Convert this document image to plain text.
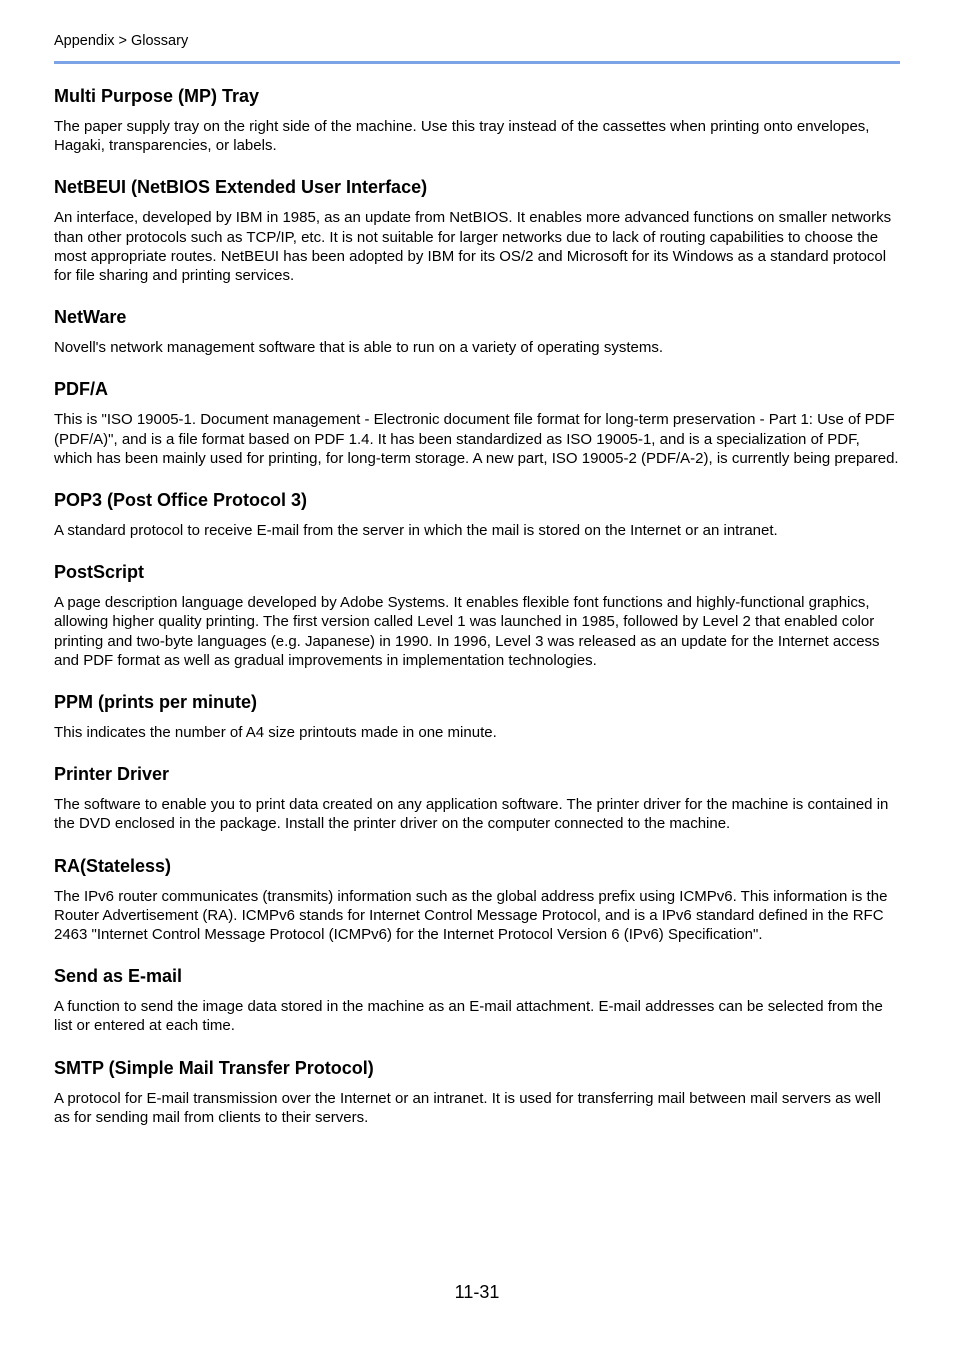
Appendix > Glossary
Multi Purpose (MP) Tray

The paper supply tray on the right side of the machine. Use this tray instead of the cassettes when printing onto envelopes, Hagaki, transparencies, or labels.

NetBEUI (NetBIOS Extended User Interface)

An interface, developed by IBM in 1985, as an update from NetBIOS. It enables more advanced functions on smaller networks than other protocols such as TCP/IP, etc. It is not suitable for larger networks due to lack of routing capabilities to choose the most appropriate routes. NetBEUI has been adopted by IBM for its OS/2 and Microsoft for its Windows as a standard protocol for file sharing and printing services.

NetWare

Novell's network management software that is able to run on a variety of operating systems.

PDF/A

This is "ISO 19005-1. Document management - Electronic document file format for long-term preservation - Part 1: Use of PDF (PDF/A)", and is a file format based on PDF 1.4. It has been standardized as ISO 19005-1, and is a specialization of PDF, which has been mainly used for printing, for long-term storage. A new part, ISO 19005-2 (PDF/A-2), is currently being prepared.

POP3 (Post Office Protocol 3)

A standard protocol to receive E-mail from the server in which the mail is stored on the Internet or an intranet.

PostScript

A page description language developed by Adobe Systems. It enables flexible font functions and highly-functional graphics, allowing higher quality printing. The first version called Level 1 was launched in 1985, followed by Level 2 that enabled color printing and two-byte languages (e.g. Japanese) in 1990. In 1996, Level 3 was released as an update for the Internet access and PDF format as well as gradual improvements in implementation technologies.

PPM (prints per minute)

This indicates the number of A4 size printouts made in one minute.

Printer Driver

The software to enable you to print data created on any application software. The printer driver for the machine is contained in the DVD enclosed in the package. Install the printer driver on the computer connected to the machine.

RA(Stateless)

The IPv6 router communicates (transmits) information such as the global address prefix using ICMPv6. This information is the Router Advertisement (RA). ICMPv6 stands for Internet Control Message Protocol, and is a IPv6 standard defined in the RFC 2463 "Internet Control Message Protocol (ICMPv6) for the Internet Protocol Version 6 (IPv6) Specification".

Send as E-mail

A function to send the image data stored in the machine as an E-mail attachment. E-mail addresses can be selected from the list or entered at each time.

SMTP (Simple Mail Transfer Protocol)

A protocol for E-mail transmission over the Internet or an intranet. It is used for transferring mail between mail servers as well as for sending mail from clients to their servers.

11-31
